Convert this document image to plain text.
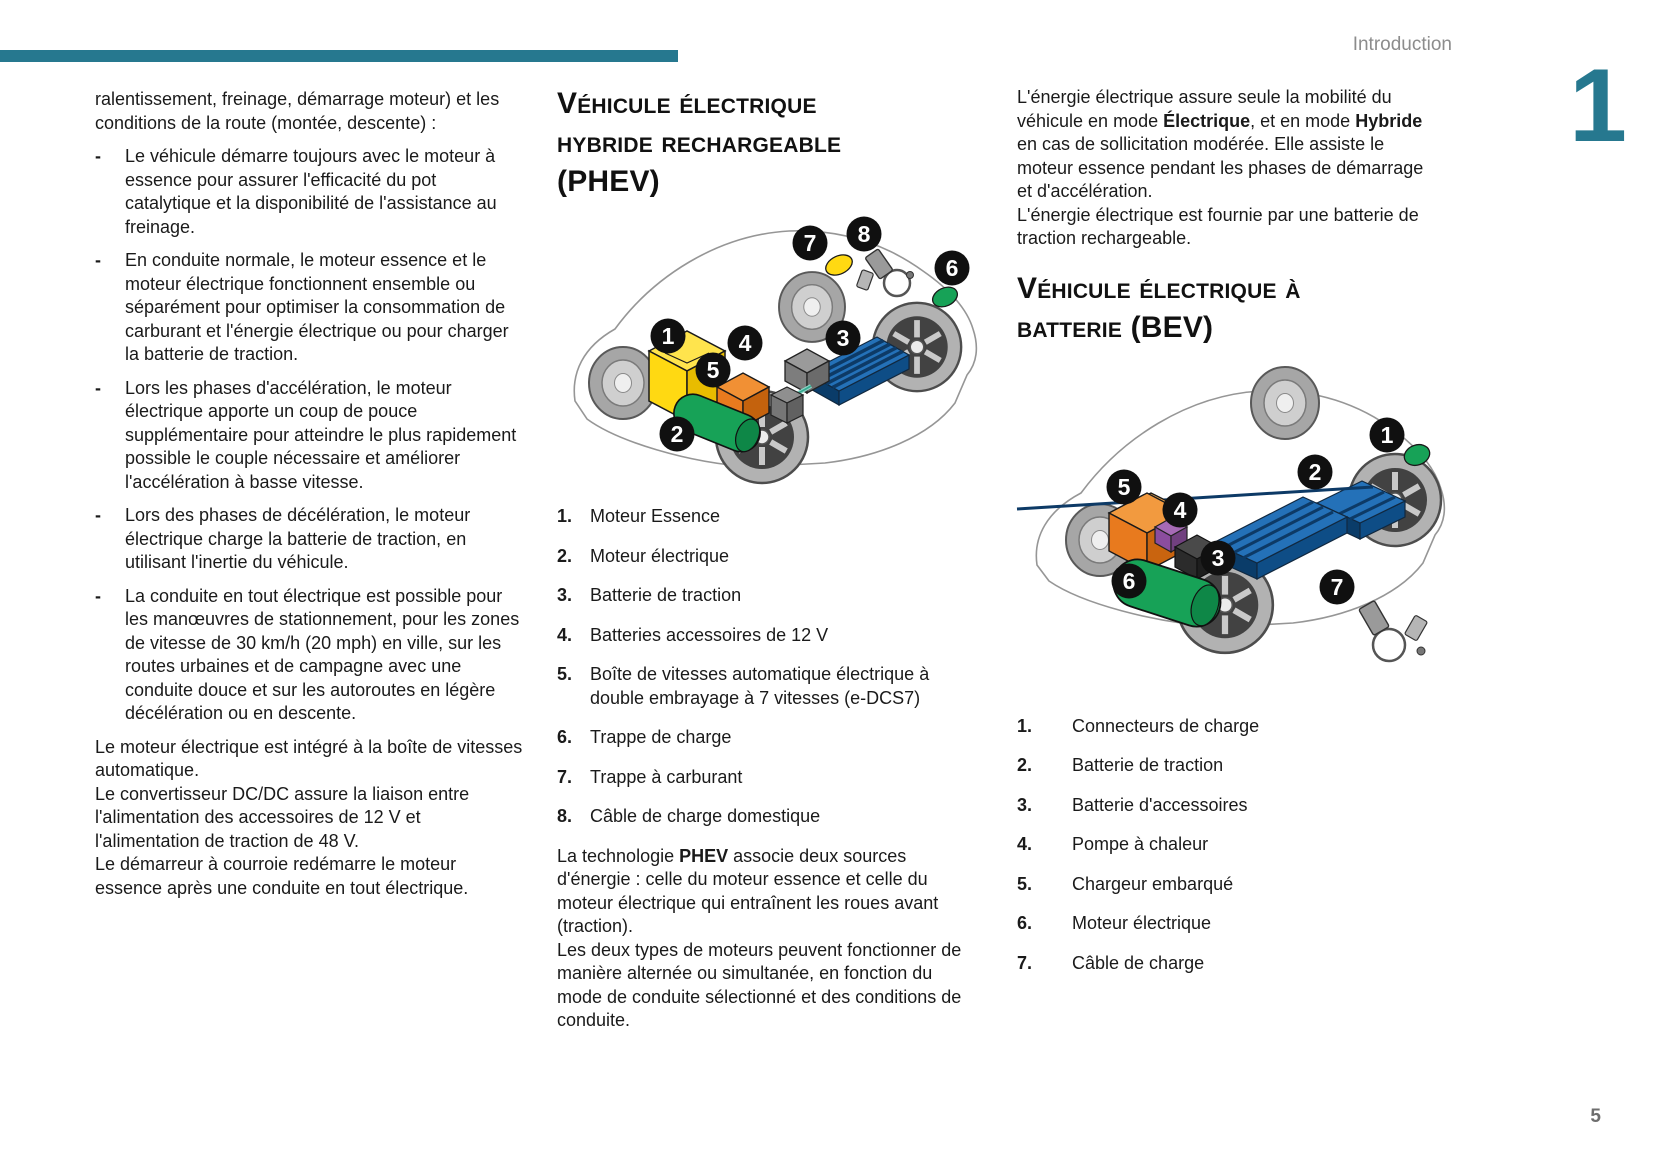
Introduction
1
5
ralentissement, freinage, démarrage moteur) et les conditions de la route (montée, descente) :
-	Le véhicule démarre toujours avec le moteur à essence pour assurer l'efficacité du pot catalytique et la disponibilité de l'assistance au freinage.
-	En conduite normale, le moteur essence et le moteur électrique fonctionnent ensemble ou séparément pour optimiser la consommation de carburant et l'énergie électrique ou pour charger la batterie de traction.
-	Lors les phases d'accélération, le moteur électrique apporte un coup de pouce supplémentaire pour atteindre le plus rapidement possible le couple nécessaire et améliorer l'accélération à basse vitesse.
-	Lors des phases de décélération, le moteur électrique charge la batterie de traction, en utilisant l'inertie du véhicule.
-	La conduite en tout électrique est possible pour les manœuvres de stationnement, pour les zones de vitesse de 30 km/h (20 mph) en ville, sur les routes urbaines et de campagne avec une conduite douce et sur les autoroutes en légère décélération ou en descente.
Le moteur électrique est intégré à la boîte de vitesses automatique.
Le convertisseur DC/DC assure la liaison entre l'alimentation des accessoires de 12 V et l'alimentation de traction de 48 V.
Le démarreur à courroie redémarre le moteur essence après une conduite en tout électrique.
Véhicule électrique
hybride rechargeable
(PHEV)
1
2
3
4
5
6
7 8
1. Moteur Essence
2. Moteur électrique
3. Batterie de traction
4. Batteries accessoires de 12 V
5. Boîte de vitesses automatique électrique à double embrayage à 7 vitesses (e-DCS7)
6. Trappe de charge
7. Trappe à carburant
8. Câble de charge domestique
La technologie PHEV associe deux sources d'énergie : celle du moteur essence et celle du moteur électrique qui entraînent les roues avant (traction).
Les deux types de moteurs peuvent fonctionner de manière alternée ou simultanée, en fonction du mode de conduite sélectionné et des conditions de conduite.
L'énergie électrique assure seule la mobilité du véhicule en mode Électrique, et en mode Hybride en cas de sollicitation modérée. Elle assiste le moteur essence pendant les phases de démarrage et d'accélération.
L'énergie électrique est fournie par une batterie de traction rechargeable.
Véhicule électrique à
batterie (BEV)
1
2
3
4
5
6	7
1.	Connecteurs de charge
2.	Batterie de traction
3.	Batterie d'accessoires
4.	Pompe à chaleur
5.	Chargeur embarqué
6.	Moteur électrique
7.	Câble de charge
